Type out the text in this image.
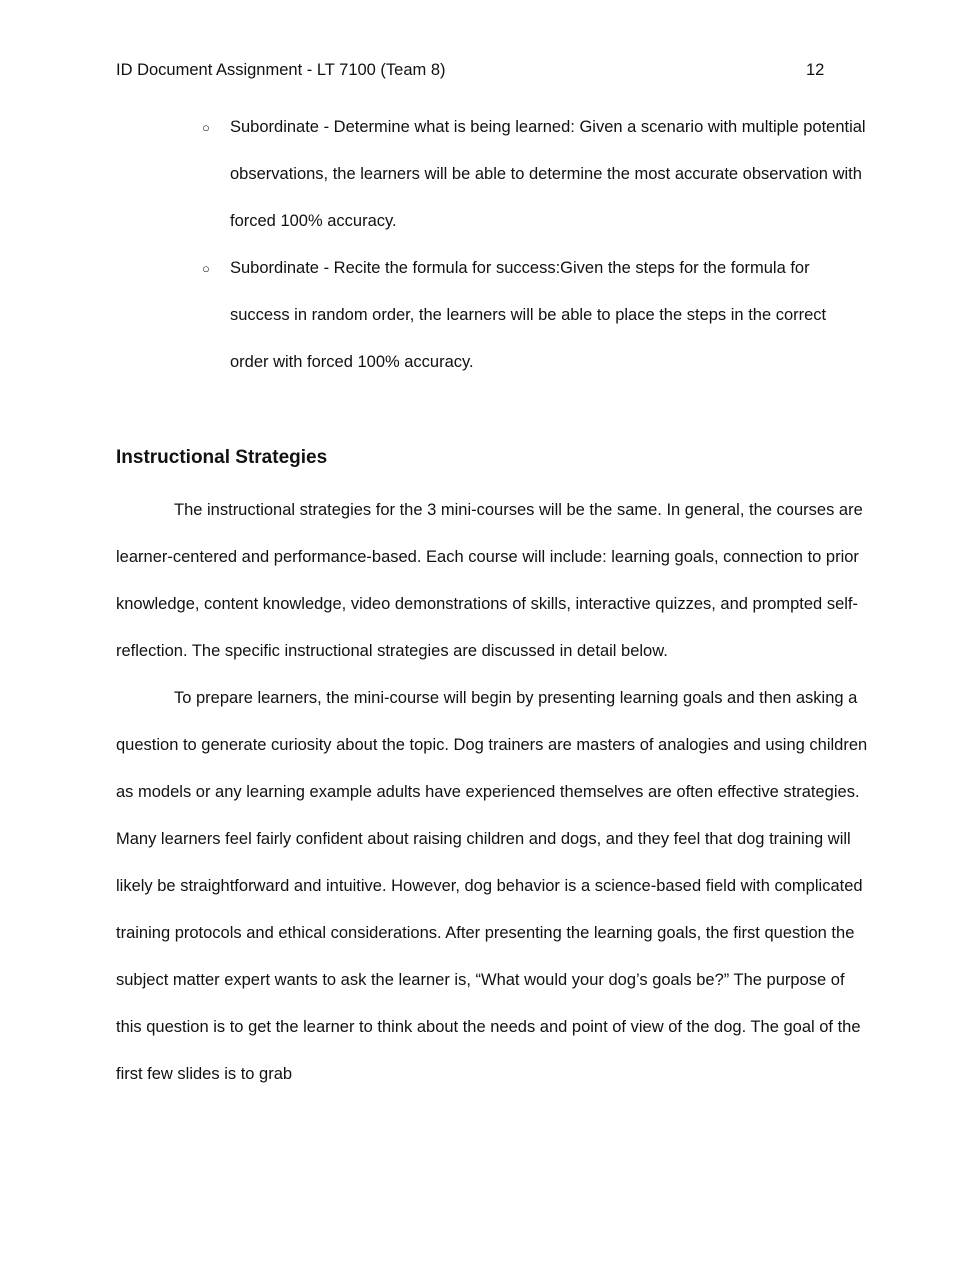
ID Document Assignment - LT 7100 (Team 8)	12
○ Subordinate - Determine what is being learned: Given a scenario with multiple potential observations, the learners will be able to determine the most accurate observation with forced 100% accuracy.
○ Subordinate - Recite the formula for success:Given the steps for the formula for success in random order, the learners will be able to place the steps in the correct order with forced 100% accuracy.
Instructional Strategies

The instructional strategies for the 3 mini-courses will be the same. In general, the courses are learner-centered and performance-based. Each course will include: learning goals, connection to prior knowledge, content knowledge, video demonstrations of skills, interactive quizzes, and prompted self-reflection. The specific instructional strategies are discussed in detail below.

To prepare learners, the mini-course will begin by presenting learning goals and then asking a question to generate curiosity about the topic. Dog trainers are masters of analogies and using children as models or any learning example adults have experienced themselves are often effective strategies. Many learners feel fairly confident about raising children and dogs, and they feel that dog training will likely be straightforward and intuitive. However, dog behavior is a science-based field with complicated training protocols and ethical considerations. After presenting the learning goals, the first question the subject matter expert wants to ask the learner is, “What would your dog’s goals be?” The purpose of this question is to get the learner to think about the needs and point of view of the dog. The goal of the first few slides is to grab
